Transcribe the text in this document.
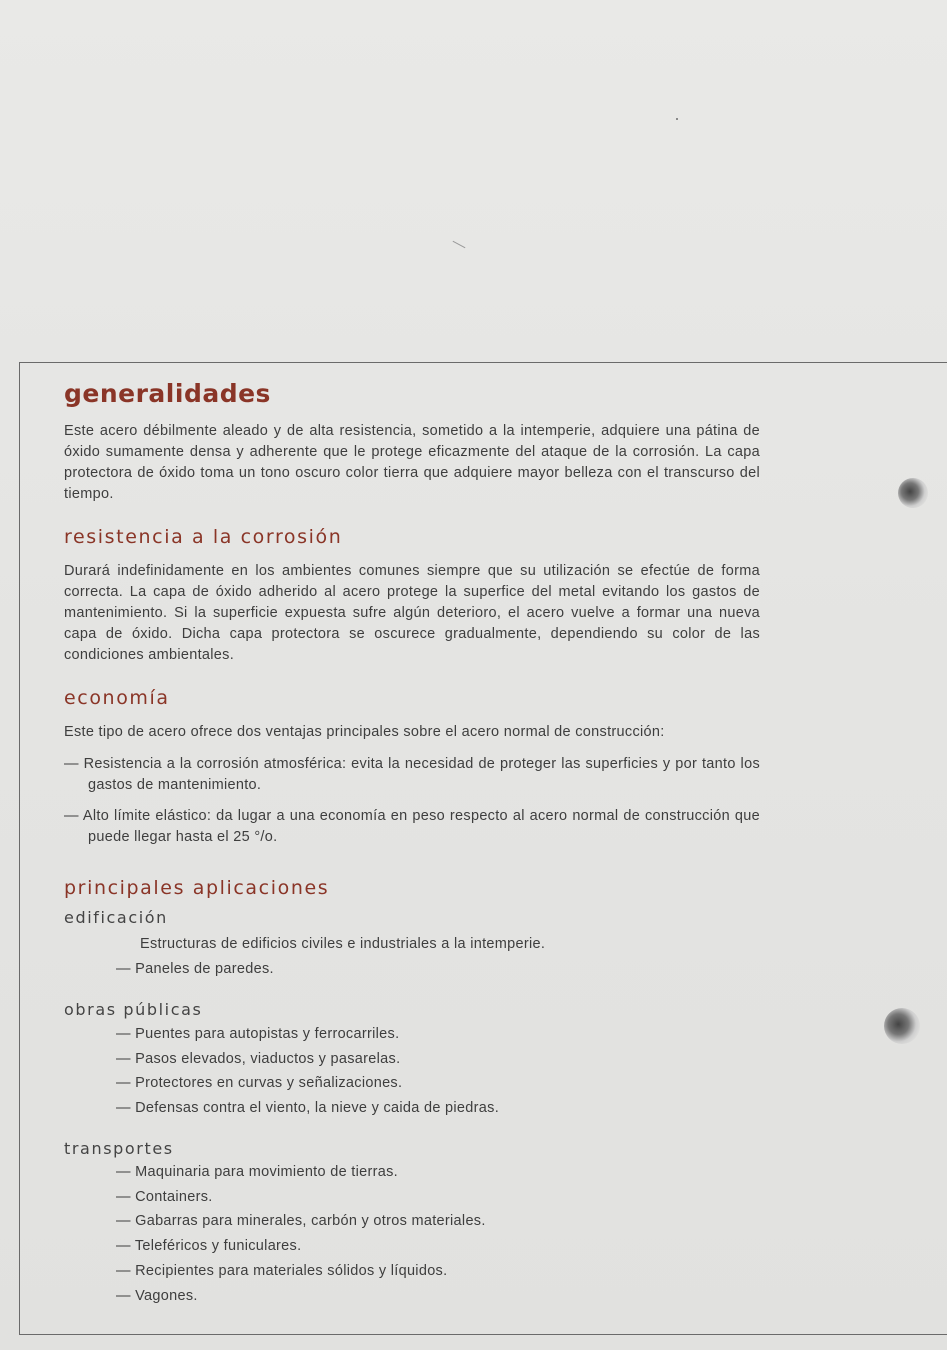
generalidades

Este acero débilmente aleado y de alta resistencia, sometido a la intemperie, adquiere una pátina de óxido sumamente densa y adherente que le protege eficazmente del ataque de la corrosión. La capa protectora de óxido toma un tono oscuro color tierra que adquiere mayor belleza con el transcurso del tiempo.

resistencia a la corrosión

Durará indefinidamente en los ambientes comunes siempre que su utilización se efectúe de forma correcta. La capa de óxido adherido al acero protege la superfice del metal evitando los gastos de mantenimiento. Si la superficie expuesta sufre algún deterioro, el acero vuelve a formar una nueva capa de óxido. Dicha capa protectora se oscurece gradualmente, dependiendo su color de las condiciones ambientales.

economía

Este tipo de acero ofrece dos ventajas principales sobre el acero normal de construcción:

— Resistencia a la corrosión atmosférica: evita la necesidad de proteger las superficies y por tanto los gastos de mantenimiento.
— Alto límite elástico: da lugar a una economía en peso respecto al acero normal de construcción que puede llegar hasta el 25 °/o.
principales aplicaciones
edificación
Estructuras de edificios civiles e industriales a la intemperie.
— Paneles de paredes.
obras públicas
— Puentes para autopistas y ferrocarriles.
— Pasos elevados, viaductos y pasarelas.
— Protectores en curvas y señalizaciones.
— Defensas contra el viento, la nieve y caida de piedras.
transportes
— Maquinaria para movimiento de tierras.
— Containers.
— Gabarras para minerales, carbón y otros materiales.
— Teleféricos y funiculares.
— Recipientes para materiales sólidos y líquidos.
— Vagones.
